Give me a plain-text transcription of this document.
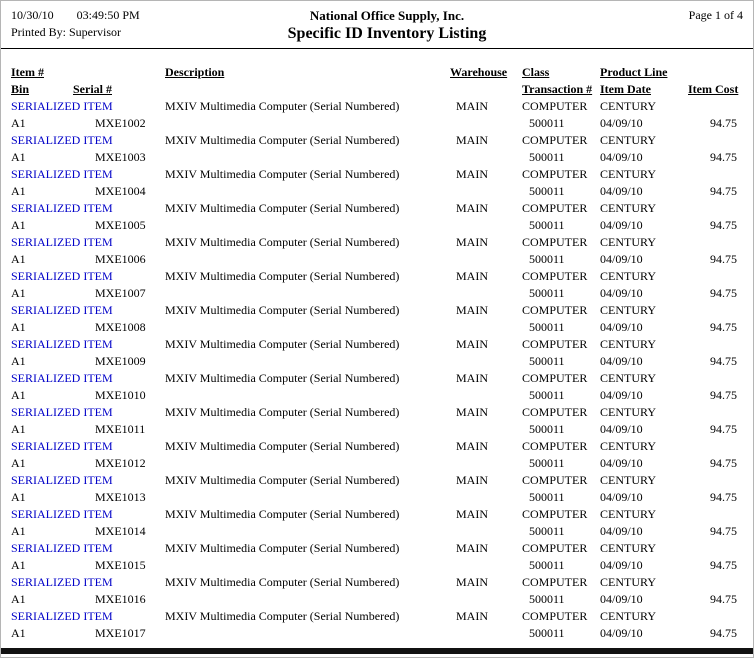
10/30/10 03:49:50 PM
Printed By: Supervisor
National Office Supply, Inc.
Specific ID Inventory Listing
Page 1 of 4
Item #		Description	Warehouse	Class	Product Line	
Bin	Serial #			Transaction #	Item Date	Item Cost
SERIALIZED ITEM		MXIV Multimedia Computer (Serial Numbered)	MAIN	COMPUTER	CENTURY	
A1	MXE1002			500011	04/09/10	94.75
SERIALIZED ITEM		MXIV Multimedia Computer (Serial Numbered)	MAIN	COMPUTER	CENTURY	
A1	MXE1003			500011	04/09/10	94.75
SERIALIZED ITEM		MXIV Multimedia Computer (Serial Numbered)	MAIN	COMPUTER	CENTURY	
A1	MXE1004			500011	04/09/10	94.75
SERIALIZED ITEM		MXIV Multimedia Computer (Serial Numbered)	MAIN	COMPUTER	CENTURY	
A1	MXE1005			500011	04/09/10	94.75
SERIALIZED ITEM		MXIV Multimedia Computer (Serial Numbered)	MAIN	COMPUTER	CENTURY	
A1	MXE1006			500011	04/09/10	94.75
SERIALIZED ITEM		MXIV Multimedia Computer (Serial Numbered)	MAIN	COMPUTER	CENTURY	
A1	MXE1007			500011	04/09/10	94.75
SERIALIZED ITEM		MXIV Multimedia Computer (Serial Numbered)	MAIN	COMPUTER	CENTURY	
A1	MXE1008			500011	04/09/10	94.75
SERIALIZED ITEM		MXIV Multimedia Computer (Serial Numbered)	MAIN	COMPUTER	CENTURY	
A1	MXE1009			500011	04/09/10	94.75
SERIALIZED ITEM		MXIV Multimedia Computer (Serial Numbered)	MAIN	COMPUTER	CENTURY	
A1	MXE1010			500011	04/09/10	94.75
SERIALIZED ITEM		MXIV Multimedia Computer (Serial Numbered)	MAIN	COMPUTER	CENTURY	
A1	MXE1011			500011	04/09/10	94.75
SERIALIZED ITEM		MXIV Multimedia Computer (Serial Numbered)	MAIN	COMPUTER	CENTURY	
A1	MXE1012			500011	04/09/10	94.75
SERIALIZED ITEM		MXIV Multimedia Computer (Serial Numbered)	MAIN	COMPUTER	CENTURY	
A1	MXE1013			500011	04/09/10	94.75
SERIALIZED ITEM		MXIV Multimedia Computer (Serial Numbered)	MAIN	COMPUTER	CENTURY	
A1	MXE1014			500011	04/09/10	94.75
SERIALIZED ITEM		MXIV Multimedia Computer (Serial Numbered)	MAIN	COMPUTER	CENTURY	
A1	MXE1015			500011	04/09/10	94.75
SERIALIZED ITEM		MXIV Multimedia Computer (Serial Numbered)	MAIN	COMPUTER	CENTURY	
A1	MXE1016			500011	04/09/10	94.75
SERIALIZED ITEM		MXIV Multimedia Computer (Serial Numbered)	MAIN	COMPUTER	CENTURY	
A1	MXE1017			500011	04/09/10	94.75
